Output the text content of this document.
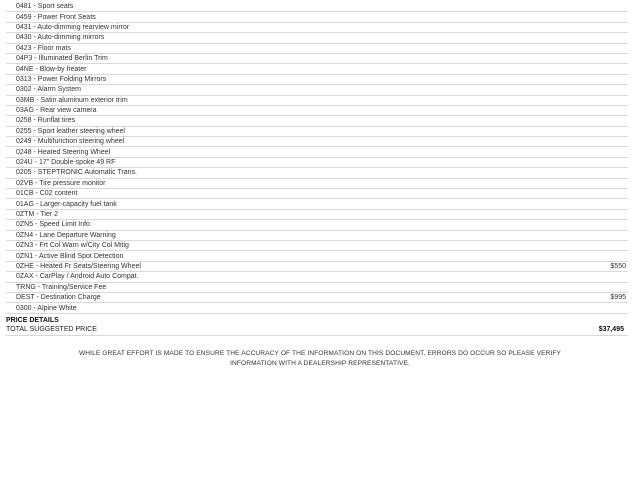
0481 - Sport seats
0459 - Power Front Seats
0431 - Auto-dimming rearview mirror
0430 - Auto-dimming mirrors
0423 - Floor mats
04P3 - Illuminated Berlin Trim
04NE - Blow-by heater
0313 - Power Folding Mirrors
0302 - Alarm System
03MB - Satin aluminum exterior trim
03AG - Rear view camera
0258 - Runflat tires
0255 - Sport leather steering wheel
0249 - Multifunction steering wheel
0248 - Heated Steering Wheel
024U - 17" Double-spoke 49 RF
0205 - STEPTRONIC Automatic Trans.
02VB - Tire pressure monitor
01CB - C02 content
01AG - Larger-capacity fuel tank
0ZTM - Tier 2
0ZN5 - Speed Limit Info
0ZN4 - Lane Departure Warning
0ZN3 - Frt Col Warn w/City Col Mitig
0ZN1 - Active Blind Spot Detection
0ZHE - Heated Fr Seats/Steering Wheel	$550
0ZAX - CarPlay / Android Auto Compat.
TRNG - Training/Service Fee
DEST - Destination Charge	$995
0300 - Alpine White
PRICE DETAILS
TOTAL SUGGESTED PRICE	$37,495
WHILE GREAT EFFORT IS MADE TO ENSURE THE ACCURACY OF THE INFORMATION ON THIS DOCUMENT, ERRORS DO OCCUR SO PLEASE VERIFY
INFORMATION WITH A DEALERSHIP REPRESENTATIVE.
